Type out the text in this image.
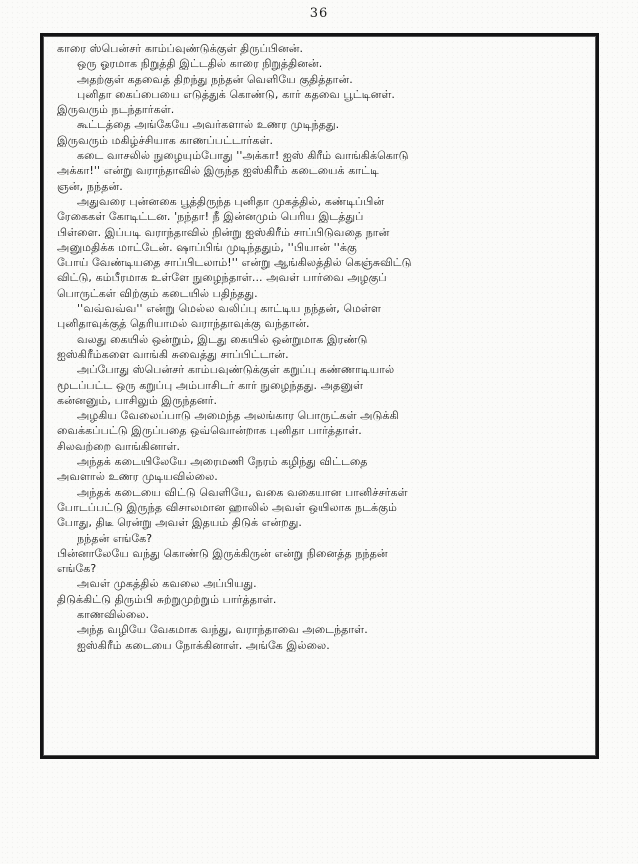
36
காரை ஸ்பென்சர் காம்ப்வுண்டுக்குள் திருப்பினன்.
ஒரு ஓரமாக நிறுத்தி இட்டதில் காரை நிறுத்தினன்.
அதற்குள் கதவைத் திறந்து நந்தன் வெளியே குதித்தான்.
புனிதா கைப்பையை எடுத்துக் கொண்டு, கார் கதவை பூட்டினள்.
இருவரும் நடந்தார்கள்.
கூட்டத்தை அங்கேயே அவர்களால் உணர முடிந்தது.
இருவரும் மகிழ்ச்சியாக காணப்பட்டார்கள்.
கடை வாசலில் நுழையும்போது ''அக்கா! ஐஸ் கிரீம் வாங்கிக்கொடு
அக்கா!'' என்று வராந்தாவில் இருந்த ஐஸ்கிரீம் கடையைக் காட்டி
ஞன், நந்தன்.
அதுவரை புன்னகை பூத்திருந்த புனிதா முகத்தில், கண்டிப்பின்
ரேகைகள் கோடிட்டன. 'நந்தா! நீ இன்னமும் பெரிய இடத்துப்
பிள்ளை. இப்படி வராந்தாவில் நின்று ஐஸ்கிரீம் சாப்பிடுவதை நான்
அனுமதிக்க மாட்டேன். ஷாப்பிங் முடிந்ததும், ''பியான் ''க்கு
போய் வேண்டியதை சாப்பிடலாம்!'' என்று ஆங்கிலத்தில் கெஞ்சுவிட்டு
விட்டு, கம்பீரமாக உள்ளே நுழைந்தாள்... அவள் பார்வை அழகுப்
பொருட்கள் விற்கும் கடையில் பதிந்தது.
''வவ்வவ்வ'' என்று மெல்ல வலிப்பு காட்டிய நந்தன், மெள்ள
புனிதாவுக்குத் தெரியாமல் வராந்தாவுக்கு வந்தான்.
வலது கையில் ஒன்றும், இடது கையில் ஒன்றுமாக இரண்டு
ஐஸ்கிரீம்களை வாங்கி சுவைத்து சாப்பிட்டான்.
அப்போது ஸ்பென்சர் காம்பவுண்டுக்குள் கறுப்பு கண்ணாடியால்
மூடப்பட்ட ஒரு கறுப்பு அம்பாசிடர் கார் நுழைந்தது. அதனுள்
கன்னனும், பாசிலும் இருந்தனர்.
அழகிய வேலைப்பாடு அமைந்த அலங்கார பொருட்கள் அடுக்கி
வைக்கப்பட்டு இருப்பதை ஒவ்வொன்றாக புனிதா பார்த்தாள்.
சிலவற்றை வாங்கினாள்.
அந்தக் கடையிலேயே அரைமணி நேரம் கழிந்து விட்டதை
அவளால் உணர முடியவில்லை.
அந்தக் கடையை விட்டு வெளியே, வகை வகையான பானிச்சர்கள்
போடப்பட்டு இருந்த விசாலமான ஹாலில் அவள் ஒயிலாக நடக்கும்
போது, திடீ ரென்று அவள் இதயம் திடுக் என்றது.
நந்தன் எங்கே?
பின்னாலேயே வந்து கொண்டு இருக்கிருன் என்று நினைத்த நந்தன்
எங்கே?
அவள் முகத்தில் கவலை அப்பியது.
திடுக்கிட்டு திரும்பி சுற்றுமுற்றும் பார்த்தாள்.
காணவில்லை.
அந்த வழியே வேகமாக வந்து, வராந்தாவை அடைந்தாள்.
ஐஸ்கிரீம் கடையை நோக்கினாள். அங்கே இல்லை.
